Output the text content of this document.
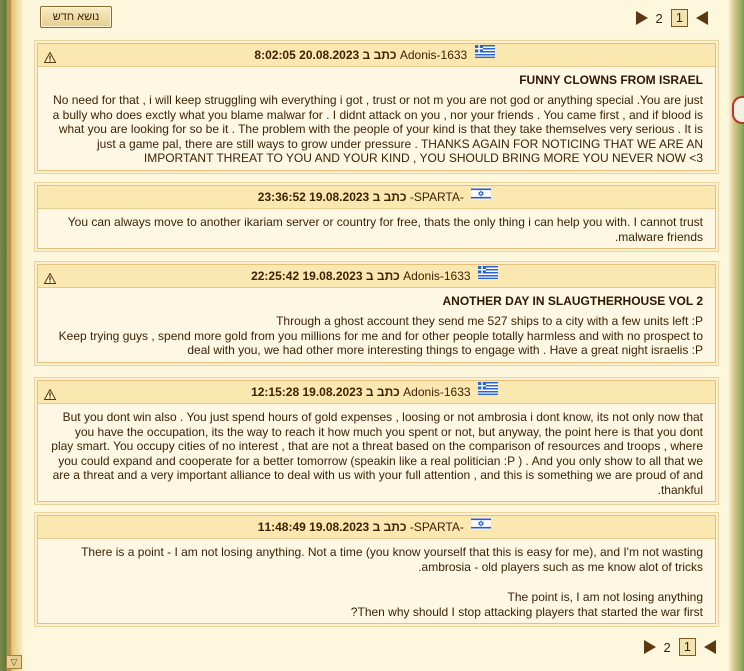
▽
נושא חדש	2	1
Adonis-1633 כתב ב 20.08.2023 8:02:05
FUNNY CLOWNS FROM ISRAEL

No need for that , i will keep struggling wih everything i got , trust or not m you are not god or anything special .You are just a bully who does exctly what you blame malwar for . I didnt attack on you , nor your friends . You came first , and if blood is what you are looking for so be it . The problem with the people of your kind is that they take themselves very serious . It is just a game pal, there are still ways to grow under pressure . THANKS AGAIN FOR NOTICING THAT WE ARE AN IMPORTANT THREAT TO YOU AND YOUR KIND , YOU SHOULD BRING MORE YOU NEVER NOW <3

-SPARTA- כתב ב 19.08.2023 23:36:52

You can always move to another ikariam server or country for free, thats the only thing i can help you with. I cannot trust malware friends.

Adonis-1633 כתב ב 19.08.2023 22:25:42
ANOTHER DAY IN SLAUGTHERHOUSE VOL 2

Through a ghost account they send me 527 ships to a city with a few units left :P

Keep trying guys , spend more gold from you millions for me and for other people totally harmless and with no prospect to deal with you, we had other more interesting things to engage with . Have a great night israelis :P

Adonis-1633 כתב ב 19.08.2023 12:15:28

But you dont win also . You just spend hours of gold expenses , loosing or not ambrosia i dont know, its not only now that you have the occupation, its the way to reach it how much you spent or not, but anyway, the point here is that you dont play smart. You occupy cities of no interest , that are not a threat based on the comparison of resources and troops , where you could expand and cooperate for a better tomorrow (speakin like a real politician :P ) . And you only show to all that we are a threat and a very important alliance to deal with us with your full attention , and this is something we are proud of and thankful.

-SPARTA- כתב ב 19.08.2023 11:48:49

There is a point - I am not losing anything. Not a time (you know yourself that this is easy for me), and I'm not wasting ambrosia - old players such as me know alot of tricks.

The point is, I am not losing anything

Then why should I stop attacking players that started the war first?

2	1
